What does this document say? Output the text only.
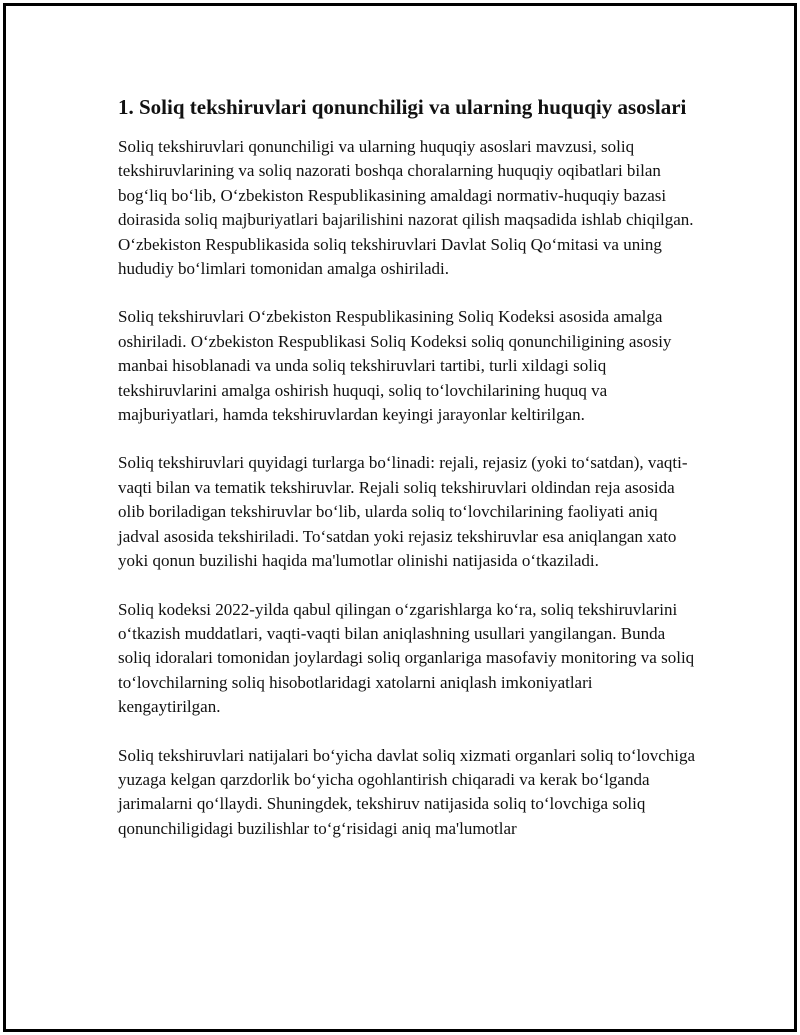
1. Soliq tekshiruvlari qonunchiligi va ularning huquqiy asoslari

Soliq tekshiruvlari qonunchiligi va ularning huquqiy asoslari mavzusi, soliq tekshiruvlarining va soliq nazorati boshqa choralarning huquqiy oqibatlari bilan bog‘liq bo‘lib, O‘zbekiston Respublikasining amaldagi normativ-huquqiy bazasi doirasida soliq majburiyatlari bajarilishini nazorat qilish maqsadida ishlab chiqilgan. O‘zbekiston Respublikasida soliq tekshiruvlari Davlat Soliq Qo‘mitasi va uning hududiy bo‘limlari tomonidan amalga oshiriladi.

Soliq tekshiruvlari O‘zbekiston Respublikasining Soliq Kodeksi asosida amalga oshiriladi. O‘zbekiston Respublikasi Soliq Kodeksi soliq qonunchiligining asosiy manbai hisoblanadi va unda soliq tekshiruvlari tartibi, turli xildagi soliq tekshiruvlarini amalga oshirish huquqi, soliq to‘lovchilarining huquq va majburiyatlari, hamda tekshiruvlardan keyingi jarayonlar keltirilgan.

Soliq tekshiruvlari quyidagi turlarga bo‘linadi: rejali, rejasiz (yoki to‘satdan), vaqti-vaqti bilan va tematik tekshiruvlar. Rejali soliq tekshiruvlari oldindan reja asosida olib boriladigan tekshiruvlar bo‘lib, ularda soliq to‘lovchilarining faoliyati aniq jadval asosida tekshiriladi. To‘satdan yoki rejasiz tekshiruvlar esa aniqlangan xato yoki qonun buzilishi haqida ma'lumotlar olinishi natijasida o‘tkaziladi.

Soliq kodeksi 2022-yilda qabul qilingan o‘zgarishlarga ko‘ra, soliq tekshiruvlarini o‘tkazish muddatlari, vaqti-vaqti bilan aniqlashning usullari yangilangan. Bunda soliq idoralari tomonidan joylardagi soliq organlariga masofaviy monitoring va soliq to‘lovchilarning soliq hisobotlaridagi xatolarni aniqlash imkoniyatlari kengaytirilgan.

Soliq tekshiruvlari natijalari bo‘yicha davlat soliq xizmati organlari soliq to‘lovchiga yuzaga kelgan qarzdorlik bo‘yicha ogohlantirish chiqaradi va kerak bo‘lganda jarimalarni qo‘llaydi. Shuningdek, tekshiruv natijasida soliq to‘lovchiga soliq qonunchiligidagi buzilishlar to‘g‘risidagi aniq ma'lumotlar
